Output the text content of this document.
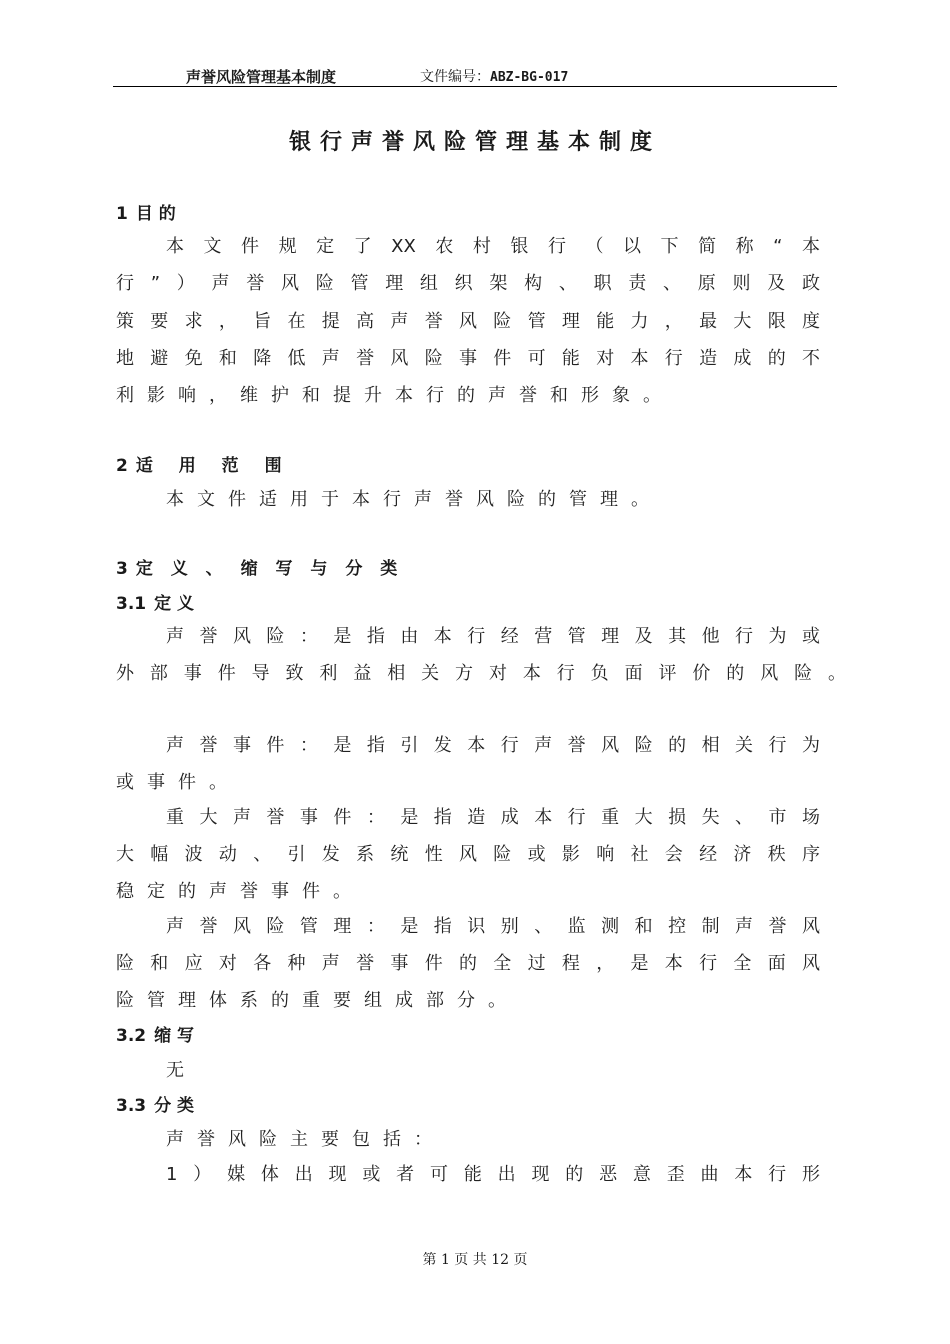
声誉风险管理基本制度	文件编号：ABZ-BG-017
银行声誉风险管理基本制度
1 目 的
本文件规定了XX农村银行（以下简称“本
行”）声誉风险管理组织架构、职责、原则及政
策要求，旨在提高声誉风险管理能力，最大限度
地避免和降低声誉风险事件可能对本行造成的不
利影响，维护和提升本行的声誉和形象。
2 适 用 范 围
本文件适用于本行声誉风险的管理。
3 定 义 、 缩 写 与 分 类
3.1 定 义
声誉风险：是指由本行经营管理及其他行为或
外部事件导致利益相关方对本行负面评价的风险。
声誉事件：是指引发本行声誉风险的相关行为
或事件。
重大声誉事件：是指造成本行重大损失、市场
大幅波动、引发系统性风险或影响社会经济秩序
稳定的声誉事件。
声誉风险管理：是指识别、监测和控制声誉风
险和应对各种声誉事件的全过程，是本行全面风
险管理体系的重要组成部分。
3.2 缩 写
无
3.3 分 类
声誉风险主要包括：
1）媒体出现或者可能出现的恶意歪曲本行形
第 1 页 共 12 页
